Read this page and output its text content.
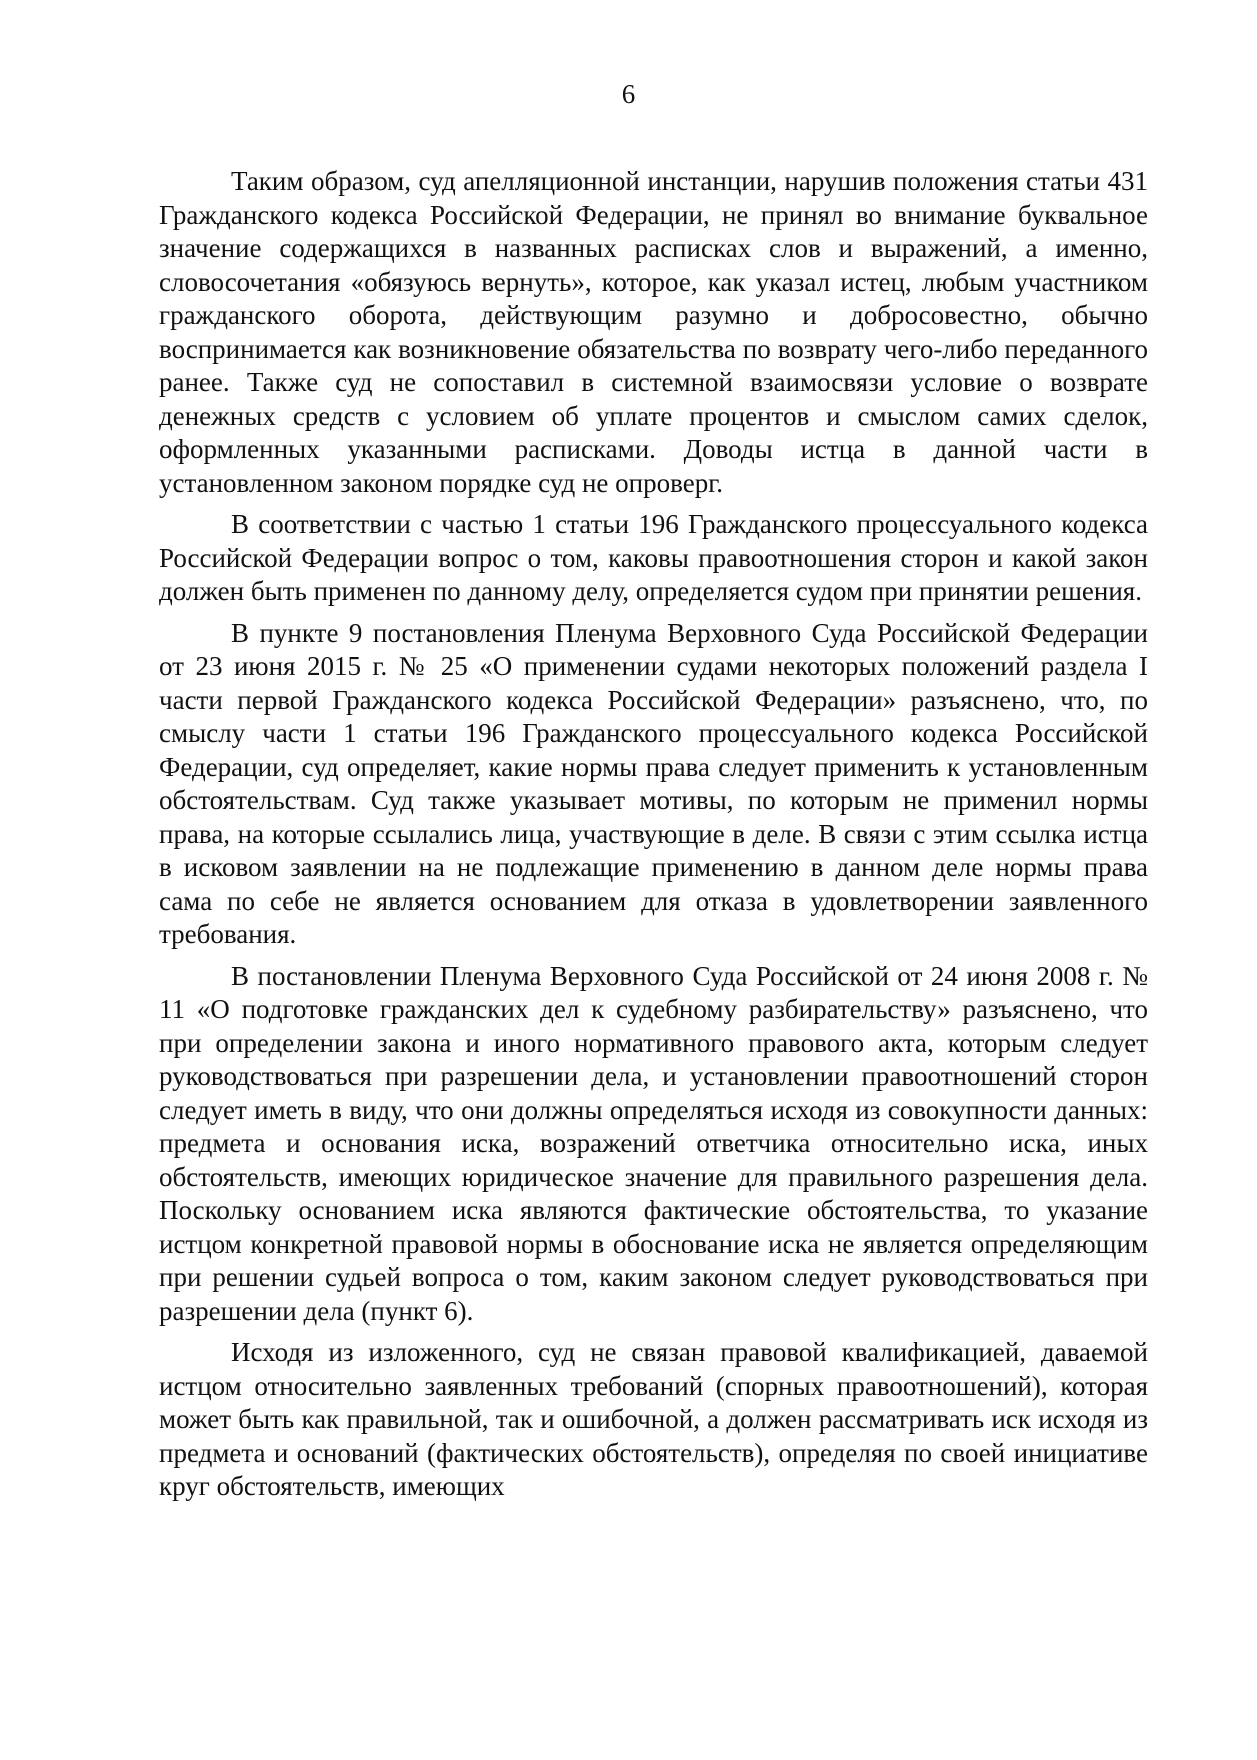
6

Таким образом, суд апелляционной инстанции, нарушив положения статьи 431 Гражданского кодекса Российской Федерации, не принял во внимание буквальное значение содержащихся в названных расписках слов и выражений, а именно, словосочетания «обязуюсь вернуть», которое, как указал истец, любым участником гражданского оборота, действующим разумно и добросовестно, обычно воспринимается как возникновение обязательства по возврату чего-либо переданного ранее. Также суд не сопоставил в системной взаимосвязи условие о возврате денежных средств с условием об уплате процентов и смыслом самих сделок, оформленных указанными расписками. Доводы истца в данной части в установленном законом порядке суд не опроверг.

В соответствии с частью 1 статьи 196 Гражданского процессуального кодекса Российской Федерации вопрос о том, каковы правоотношения сторон и какой закон должен быть применен по данному делу, определяется судом при принятии решения.

В пункте 9 постановления Пленума Верховного Суда Российской Федерации от 23 июня 2015 г. № 25 «О применении судами некоторых положений раздела I части первой Гражданского кодекса Российской Федерации» разъяснено, что, по смыслу части 1 статьи 196 Гражданского процессуального кодекса Российской Федерации, суд определяет, какие нормы права следует применить к установленным обстоятельствам. Суд также указывает мотивы, по которым не применил нормы права, на которые ссылались лица, участвующие в деле. В связи с этим ссылка истца в исковом заявлении на не подлежащие применению в данном деле нормы права сама по себе не является основанием для отказа в удовлетворении заявленного требования.

В постановлении Пленума Верховного Суда Российской от 24 июня 2008 г. № 11 «О подготовке гражданских дел к судебному разбирательству» разъяснено, что при определении закона и иного нормативного правового акта, которым следует руководствоваться при разрешении дела, и установлении правоотношений сторон следует иметь в виду, что они должны определяться исходя из совокупности данных: предмета и основания иска, возражений ответчика относительно иска, иных обстоятельств, имеющих юридическое значение для правильного разрешения дела. Поскольку основанием иска являются фактические обстоятельства, то указание истцом конкретной правовой нормы в обоснование иска не является определяющим при решении судьей вопроса о том, каким законом следует руководствоваться при разрешении дела (пункт 6).

Исходя из изложенного, суд не связан правовой квалификацией, даваемой истцом относительно заявленных требований (спорных правоотношений), которая может быть как правильной, так и ошибочной, а должен рассматривать иск исходя из предмета и оснований (фактических обстоятельств), определяя по своей инициативе круг обстоятельств, имеющих
